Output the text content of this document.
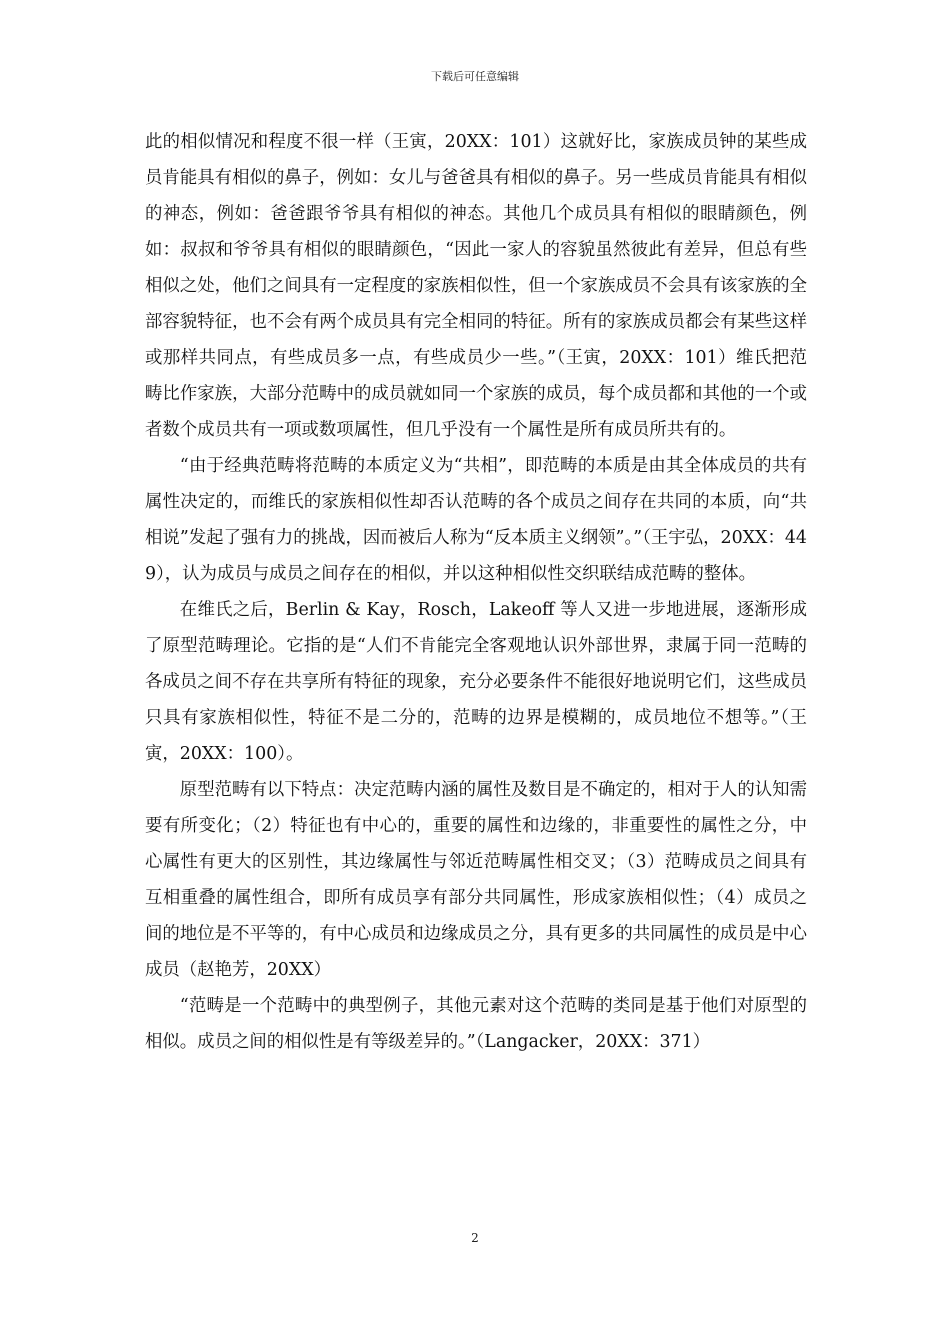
下载后可任意编辑

此的相似情况和程度不很一样（王寅，20XX：101）这就好比，家族成员钟的某些成员肯能具有相似的鼻子，例如：女儿与爸爸具有相似的鼻子。另一些成员肯能具有相似的神态，例如：爸爸跟爷爷具有相似的神态。其他几个成员具有相似的眼睛颜色，例如：叔叔和爷爷具有相似的眼睛颜色，“因此一家人的容貌虽然彼此有差异，但总有些相似之处，他们之间具有一定程度的家族相似性，但一个家族成员不会具有该家族的全部容貌特征，也不会有两个成员具有完全相同的特征。所有的家族成员都会有某些这样或那样共同点，有些成员多一点，有些成员少一些。”（王寅，20XX：101）维氏把范畴比作家族，大部分范畴中的成员就如同一个家族的成员，每个成员都和其他的一个或者数个成员共有一项或数项属性，但几乎没有一个属性是所有成员所共有的。

“由于经典范畴将范畴的本质定义为“共相”，即范畴的本质是由其全体成员的共有属性决定的，而维氏的家族相似性却否认范畴的各个成员之间存在共同的本质，向“共相说”发起了强有力的挑战，因而被后人称为“反本质主义纲领”。”（王宇弘，20XX：449），认为成员与成员之间存在的相似，并以这种相似性交织联结成范畴的整体。

在维氏之后，Berlin & Kay，Rosch，Lakeoff 等人又进一步地进展，逐渐形成了原型范畴理论。它指的是“人们不肯能完全客观地认识外部世界，隶属于同一范畴的各成员之间不存在共享所有特征的现象，充分必要条件不能很好地说明它们，这些成员只具有家族相似性，特征不是二分的，范畴的边界是模糊的，成员地位不想等。”（王寅，20XX：100）。

原型范畴有以下特点：决定范畴内涵的属性及数目是不确定的，相对于人的认知需要有所变化；（2）特征也有中心的，重要的属性和边缘的，非重要性的属性之分，中心属性有更大的区别性，其边缘属性与邻近范畴属性相交叉；（3）范畴成员之间具有互相重叠的属性组合，即所有成员享有部分共同属性，形成家族相似性；（4）成员之间的地位是不平等的，有中心成员和边缘成员之分，具有更多的共同属性的成员是中心成员（赵艳芳，20XX）

“范畴是一个范畴中的典型例子，其他元素对这个范畴的类同是基于他们对原型的相似。成员之间的相似性是有等级差异的。”（Langacker，20XX：371）

2
